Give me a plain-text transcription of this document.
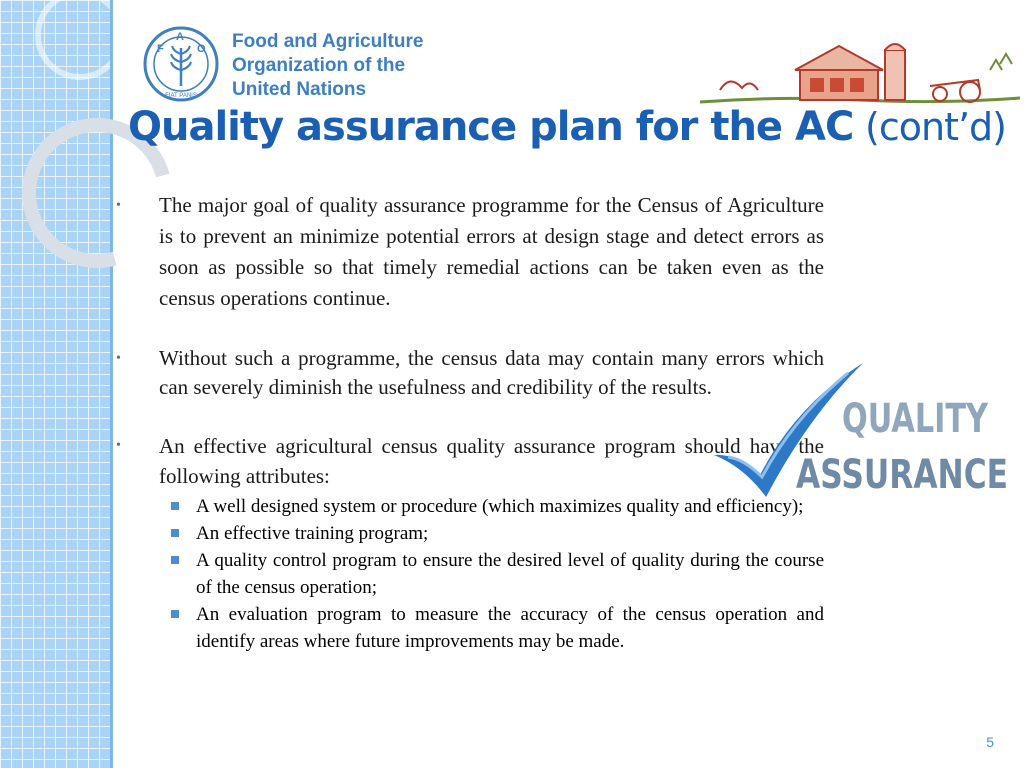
F
A
O
FIAT PANIS
Food and Agriculture
Organization of the
United Nations
Quality assurance plan for the AC (cont’d)
• The major goal of quality assurance programme for the Census of Agriculture is to prevent an minimize potential errors at design stage and detect errors as soon as possible so that timely remedial actions can be taken even as the census operations continue.
• Without such a programme, the census data may contain many errors which can severely diminish the usefulness and credibility of the results.
• An effective agricultural census quality assurance program should have the following attributes:
A well designed system or procedure (which maximizes quality and efficiency);
An effective training program;
A quality control program to ensure the desired level of quality during the course of the census operation;
An evaluation program to measure the accuracy of the census operation and identify areas where future improvements may be made.
QUALITY
ASSURANCE
5
